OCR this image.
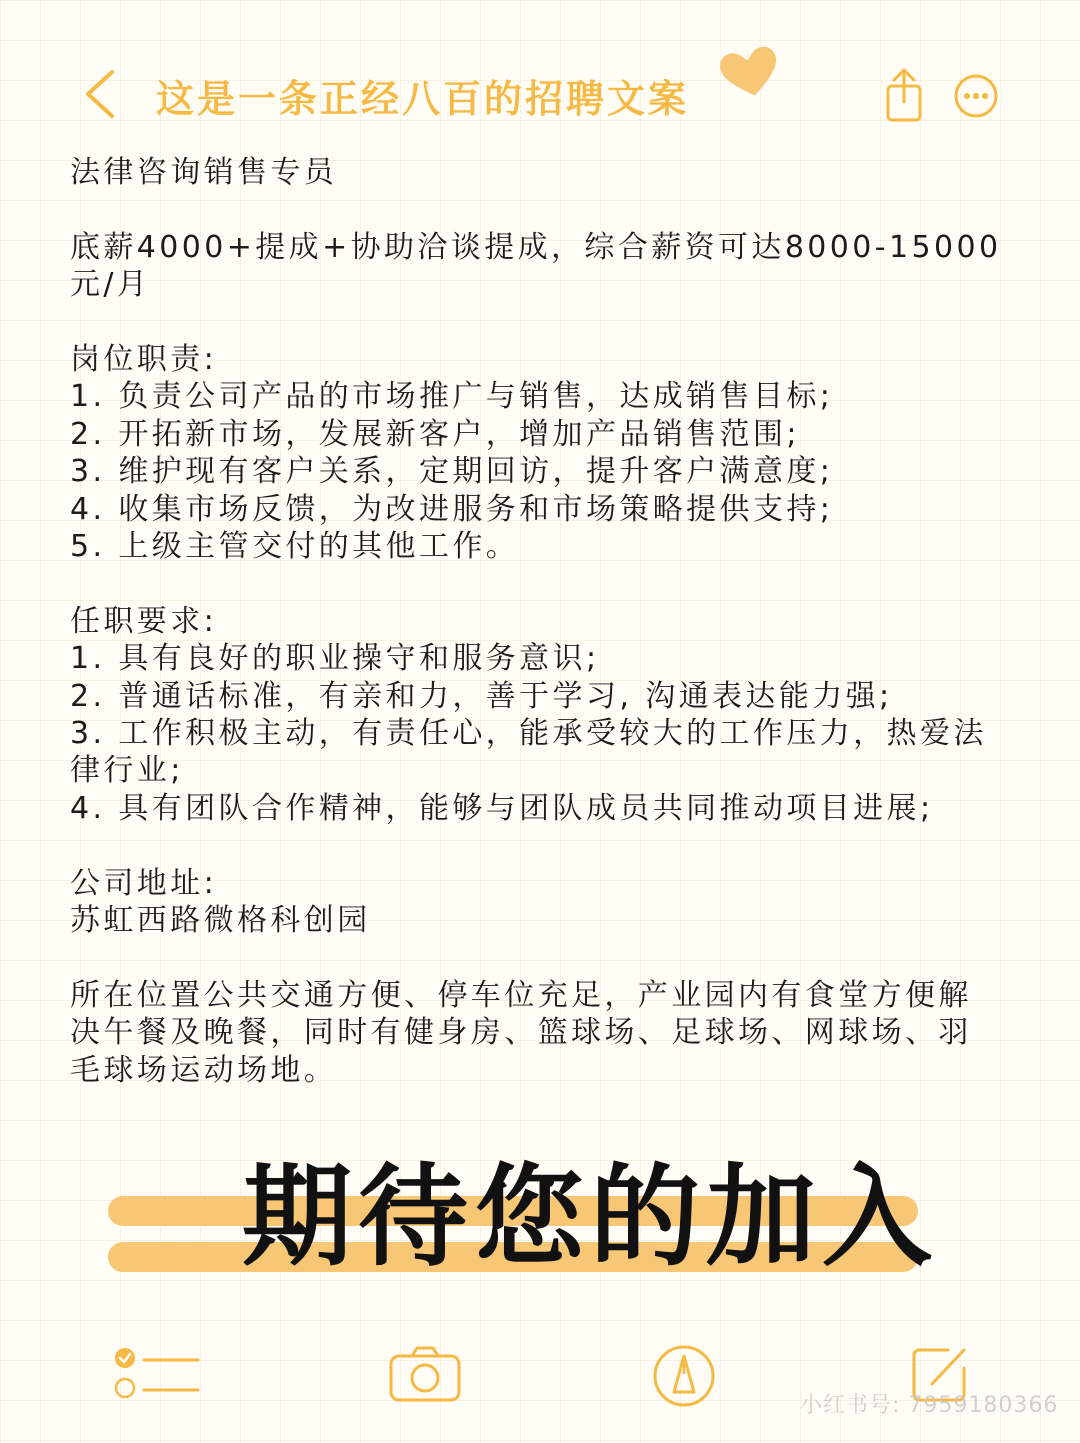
这是一条正经八百的招聘文案

法律咨询销售专员

底薪4000+提成+协助洽谈提成，综合薪资可达8000-15000

元/月

岗位职责:

1. 负责公司产品的市场推广与销售，达成销售目标;

2. 开拓新市场，发展新客户，增加产品销售范围;

3. 维护现有客户关系，定期回访，提升客户满意度;

4. 收集市场反馈，为改进服务和市场策略提供支持;

5. 上级主管交付的其他工作。

任职要求:

1. 具有良好的职业操守和服务意识;

2. 普通话标准，有亲和力，善于学习, 沟通表达能力强;

3. 工作积极主动，有责任心，能承受较大的工作压力，热爱法

律行业;

4. 具有团队合作精神，能够与团队成员共同推动项目进展;

公司地址:

苏虹西路微格科创园

所在位置公共交通方便、停车位充足，产业园内有食堂方便解

决午餐及晚餐，同时有健身房、篮球场、足球场、网球场、羽

毛球场运动场地。

期待您的加入
小红书号: 7959180366
